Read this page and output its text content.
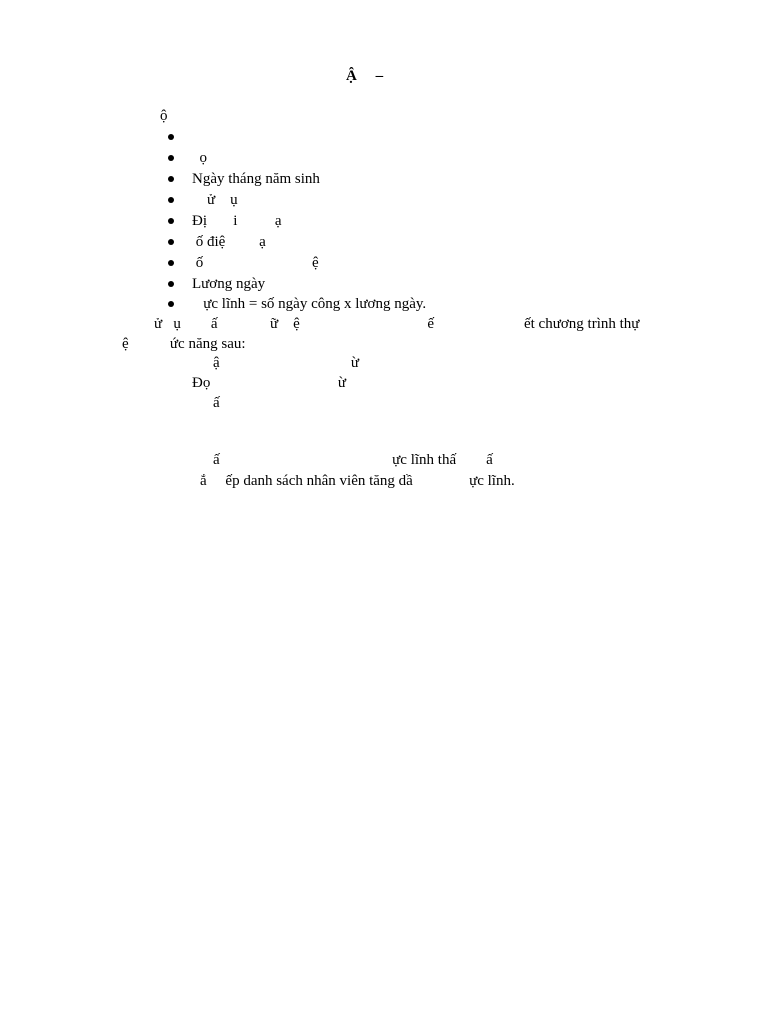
Ậ     –
ộ

ọ

Ngày tháng năm sinh

ử    ụ

Đị       i          ạ

ố điệ         ạ

ố                             ệ

Lương ngày

ực lĩnh = số ngày công x lương ngày.

ử   ụ        ấ              ữ    ệ                                  ế                        ết chương trình thự
ệ           ức năng sau:
ậ                                   ừ
Đọ                                  ừ
ấ
ấ                                              ực lĩnh thấ        ấ
ắ     ếp danh sách nhân viên tăng dầ               ực lĩnh.
